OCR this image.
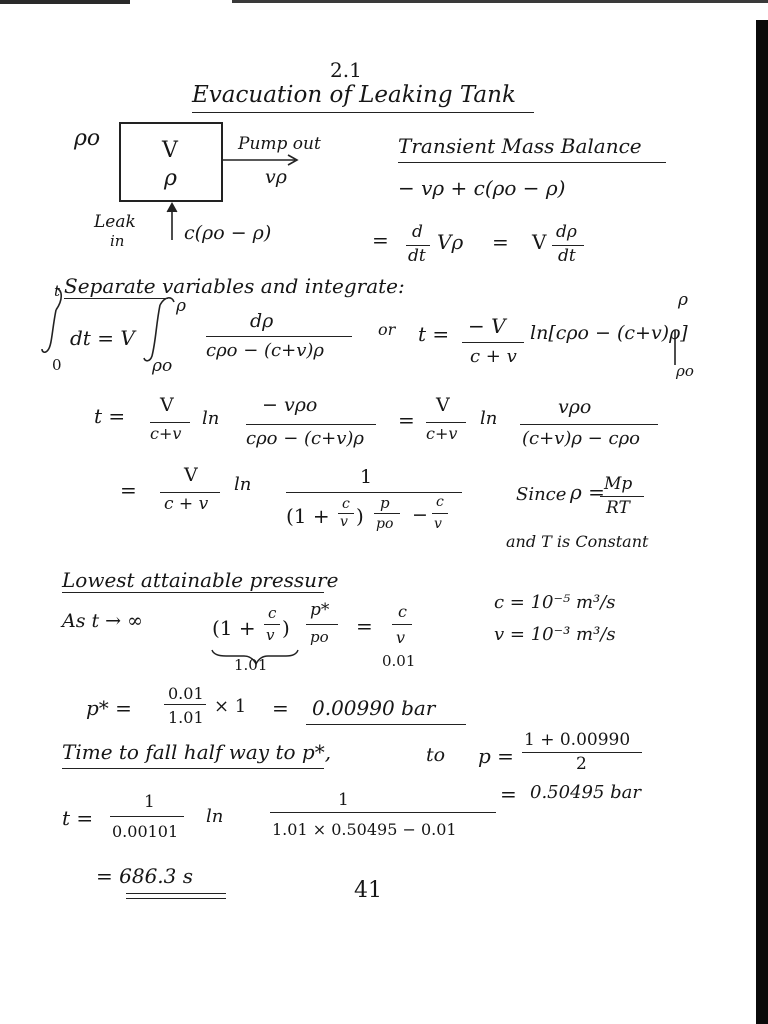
2.1
Evacuation of Leaking Tank
ρo	V
ρ
Pump out
vρ
Leak
in	c(ρo − ρ)
Transient Mass Balance
− vρ + c(ρo − ρ)
= d
dt
Vρ = V dρ
dt
Separate variables and integrate:
t
0
dt = V
ρ
ρo
dρ
cρo − (c+v)ρ
or t = − V
c + v
ln[cρo − (c+v)ρ]
ρ
ρo
t = V
c+v
ln
− vρo
cρo − (c+v)ρ
=
V
c+v
ln
vρo
(c+v)ρ − cρo
=
V
c + v
ln	1
(1 + c
v )
p
po −
c
v
Since ρ = Mp
RT
and T is Constant
Lowest attainable pressure
As t → ∞	(1 +
c
v )
p*
po =
c
v
1.01	0.01
c = 10⁻⁵ m³/s
v = 10⁻³ m³/s
p* =
0.01
1.01
× 1 = 0.00990 bar
Time to fall half way to p*,	to p =
1 + 0.00990
2
= 0.50495 bar
t =
1
0.00101
ln
1
1.01 × 0.50495 − 0.01
= 686.3 s
41
